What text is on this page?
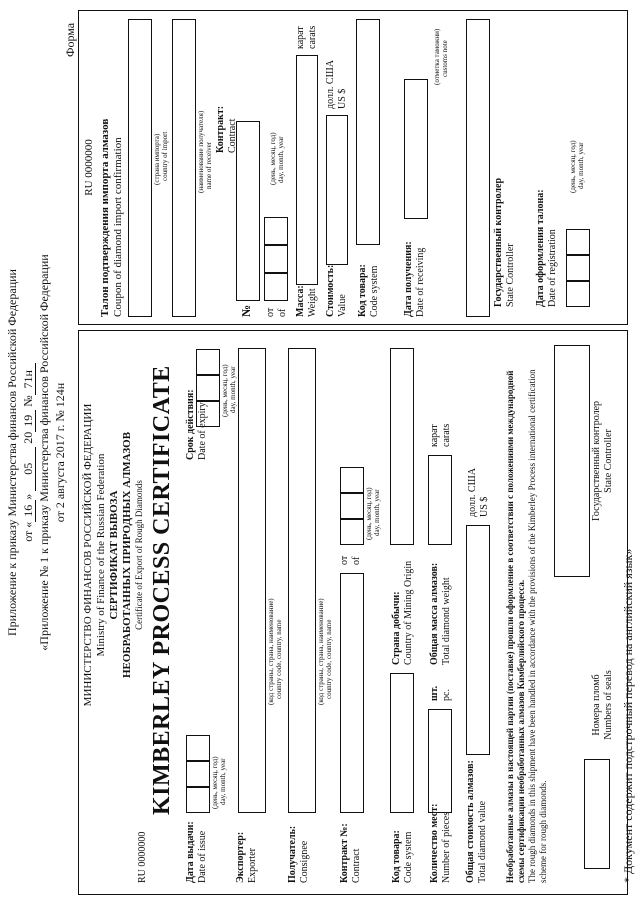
Приложение к приказу Министерства финансов Российской Федерации от «16» 05 2019 №71н «Приложение № 1 к приказу Министерства финансов Российской Федерации от 2 августа 2017 г. № 124н
Форма
МИНИСТЕРСТВО ФИНАНСОВ РОССИЙСКОЙ ФЕДЕРАЦИИ Ministry of Finance of the Russian Federation СЕРТИФИКАТ ВЫВОЗА НЕОБРАБОТАННЫХ ПРИРОДНЫХ АЛМАЗОВ Certificate of Export of Rough Diamonds
RU 0000000
KIMBERLEY PROCESS CERTIFICATE
Дата выдачи: Date of issue
(день, месяц, год) day, month, year
Срок действия: Date of expiry:
(день, месяц, год) day, month, year
Экспортер: Exporter
(код страны, страна, наименование) country code, country, name
Получатель: Consignee
(код страны, страна, наименование) country code, country, name
Контракт №: Contract
от of
(день, месяц, год) day, month, year
Код товара: Code system
Страна добычи: Country of Mining Origin
Количество мест: Number of pieces
шт. pc.
Общая масса алмазов: Total diamond weight
карат carats
Общая стоимость алмазов: Total diamond value
долл. США US $ Необработанные алмазы в настоящей партии (поставке) прошли оформление в соответствии с положениями международной схемы сертификации необработанных алмазов Кимберлийского процесса. The rough diamonds in this shipment have been handled in accordance with the provisions of the Kimberley Process international certification scheme for rough diamonds.
Государственный контролер State Controller
Номера пломб Numbers of seals
RU 0000000 Талон подтверждения импорта алмазов Coupon of diamond import confirmation	(страна импорта) country of import	(наименование получателя) name of receiver
Контракт: Contract
№ от of
(день, месяц, год) day, month, year
Масса: Weight
карат carats
Стоимость: Value
долл. США US $
Код товара: Code system Дата получения: Date of receiving
(отметка таможни) customs note
Государственный контролер State Controller Дата оформления талона: Date of registration
(день, месяц, год) day, month, year
* Документ содержит подстрочный перевод на английский язык»
